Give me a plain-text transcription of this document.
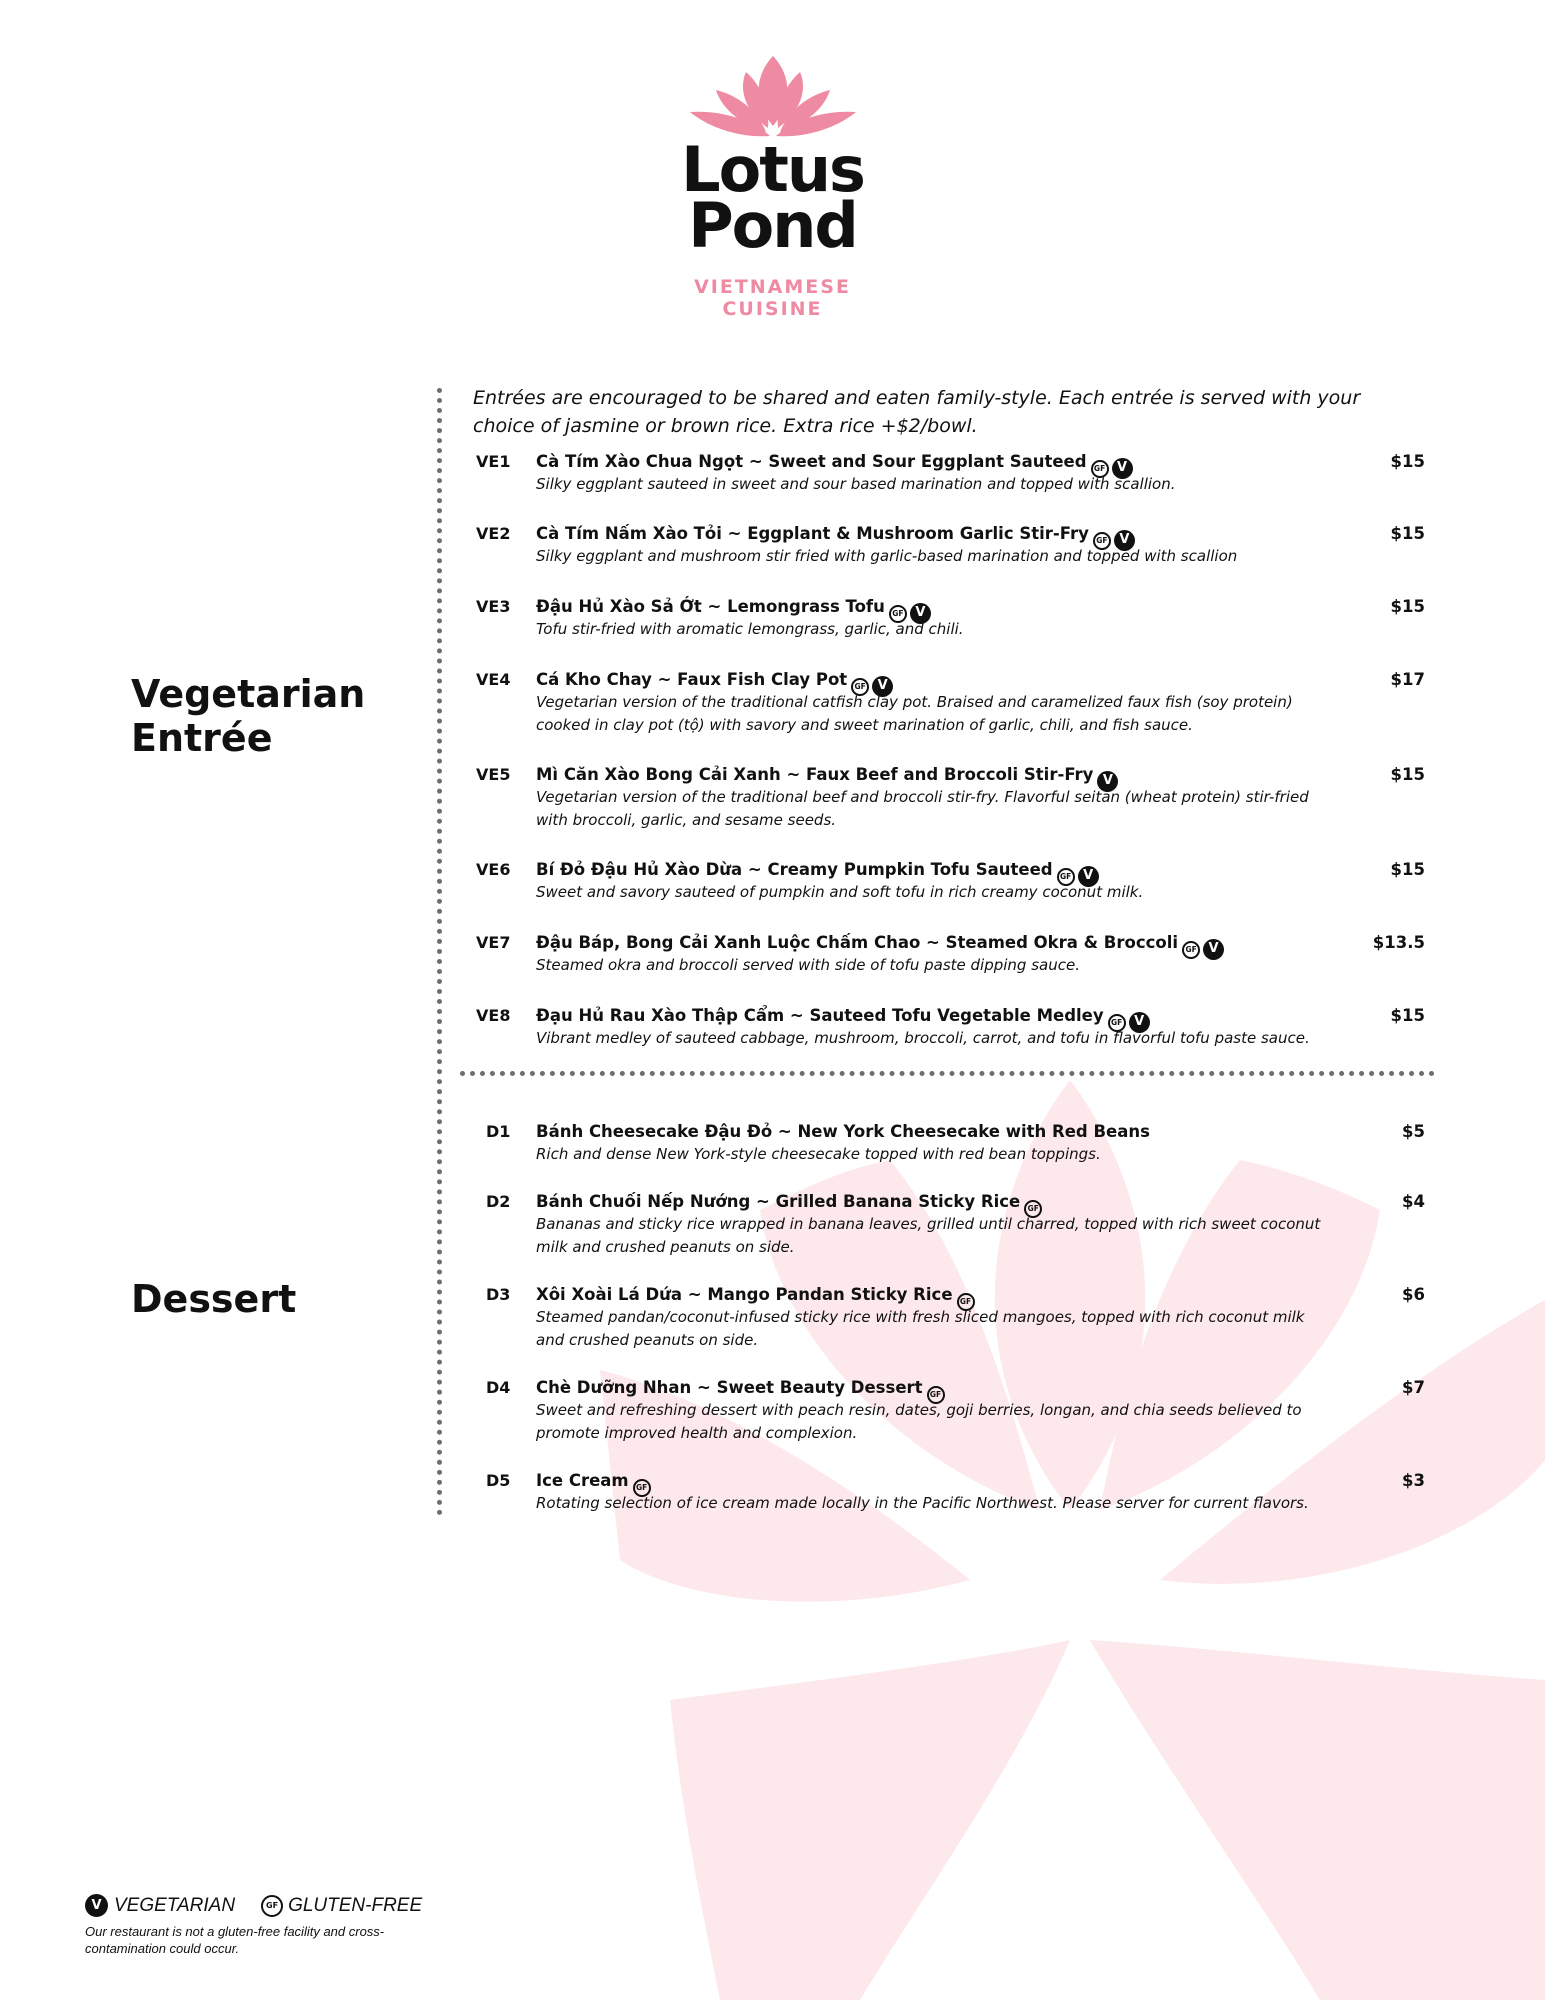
Lotus
Pond
VIETNAMESE CUISINE
Vegetarian
Entrée
Dessert
Entrées are encouraged to be shared and eaten family-style. Each entrée is served with your choice of jasmine or brown rice. Extra rice +$2/bowl.
VE1	Cà Tím Xào Chua Ngọt ~ Sweet and Sour Eggplant Sauteed GF V
Silky eggplant sauteed in sweet and sour based marination and topped with scallion.
$15
VE2	Cà Tím Nấm Xào Tỏi ~ Eggplant & Mushroom Garlic Stir-Fry GF V
Silky eggplant and mushroom stir fried with garlic-based marination and topped with scallion
$15
VE3	Đậu Hủ Xào Sả Ớt ~ Lemongrass Tofu GF V
Tofu stir-fried with aromatic lemongrass, garlic, and chili.
$15
VE4	Cá Kho Chay ~ Faux Fish Clay Pot GF V
Vegetarian version of the traditional catfish clay pot. Braised and caramelized faux fish (soy protein) cooked in clay pot (tộ) with savory and sweet marination of garlic, chili, and fish sauce.
$17
VE5	Mì Căn Xào Bong Cải Xanh ~ Faux Beef and Broccoli Stir-Fry V
Vegetarian version of the traditional beef and broccoli stir-fry. Flavorful seitan (wheat protein) stir-fried with broccoli, garlic, and sesame seeds.
$15
VE6	Bí Đỏ Đậu Hủ Xào Dừa ~ Creamy Pumpkin Tofu Sauteed GF V
Sweet and savory sauteed of pumpkin and soft tofu in rich creamy coconut milk.
$15
VE7	Đậu Báp, Bong Cải Xanh Luộc Chấm Chao ~ Steamed Okra & Broccoli GF V
Steamed okra and broccoli served with side of tofu paste dipping sauce.
$13.5
VE8	Đạu Hủ Rau Xào Thập Cẩm ~ Sauteed Tofu Vegetable Medley GF V
Vibrant medley of sauteed cabbage, mushroom, broccoli, carrot, and tofu in flavorful tofu paste sauce.
$15
D1	Bánh Cheesecake Đậu Đỏ ~ New York Cheesecake with Red Beans
Rich and dense New York-style cheesecake topped with red bean toppings.
$5
D2	Bánh Chuối Nếp Nướng ~ Grilled Banana Sticky Rice GF
Bananas and sticky rice wrapped in banana leaves, grilled until charred, topped with rich sweet coconut milk and crushed peanuts on side.
$4
D3	Xôi Xoài Lá Dứa ~ Mango Pandan Sticky Rice GF
Steamed pandan/coconut-infused sticky rice with fresh sliced mangoes, topped with rich coconut milk and crushed peanuts on side.
$6
D4	Chè Dưỡng Nhan ~ Sweet Beauty Dessert GF
Sweet and refreshing dessert with peach resin, dates, goji berries, longan, and chia seeds believed to promote improved health and complexion.
$7
D5	Ice Cream GF
Rotating selection of ice cream made locally in the Pacific Northwest. Please server for current flavors.
$3
V VEGETARIAN	GF GLUTEN-FREE
Our restaurant is not a gluten-free facility and cross-contamination could occur.
